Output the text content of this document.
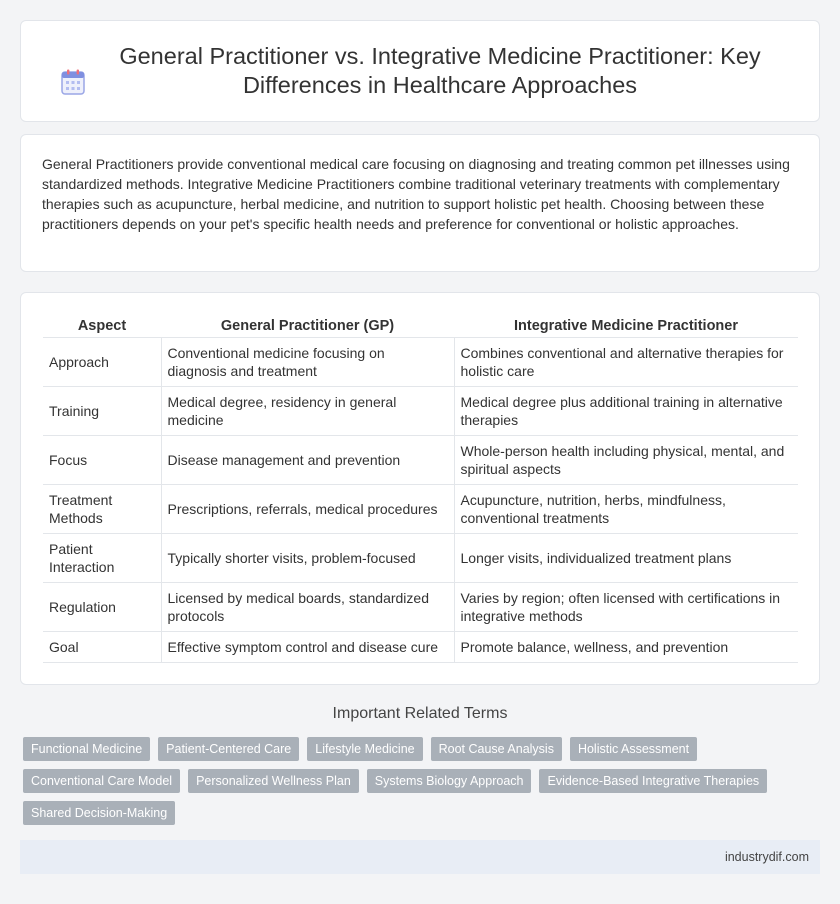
General Practitioner vs. Integrative Medicine Practitioner: Key Differences in Healthcare Approaches

General Practitioners provide conventional medical care focusing on diagnosing and treating common pet illnesses using standardized methods. Integrative Medicine Practitioners combine traditional veterinary treatments with complementary therapies such as acupuncture, herbal medicine, and nutrition to support holistic pet health. Choosing between these practitioners depends on your pet's specific health needs and preference for conventional or holistic approaches.

Aspect	General Practitioner (GP)	Integrative Medicine Practitioner
Approach	Conventional medicine focusing on diagnosis and treatment	Combines conventional and alternative therapies for holistic care
Training	Medical degree, residency in general medicine	Medical degree plus additional training in alternative therapies
Focus	Disease management and prevention	Whole-person health including physical, mental, and spiritual aspects
Treatment Methods	Prescriptions, referrals, medical procedures	Acupuncture, nutrition, herbs, mindfulness, conventional treatments
Patient Interaction	Typically shorter visits, problem-focused	Longer visits, individualized treatment plans
Regulation	Licensed by medical boards, standardized protocols	Varies by region; often licensed with certifications in integrative methods
Goal	Effective symptom control and disease cure	Promote balance, wellness, and prevention
Important Related Terms
Functional Medicine	Patient-Centered Care	Lifestyle Medicine	Root Cause Analysis	Holistic Assessment
Conventional Care Model	Personalized Wellness Plan	Systems Biology Approach	Evidence-Based Integrative Therapies
Shared Decision-Making
industrydif.com
